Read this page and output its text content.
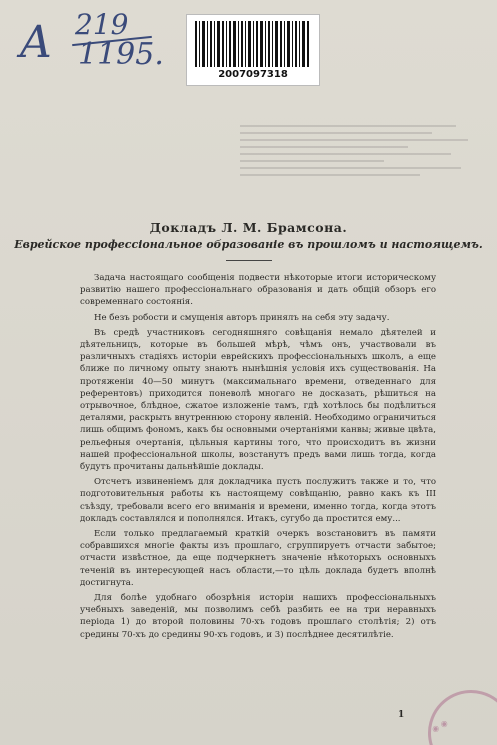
A 219
1195.
2007097318
Докладъ Л. М. Брамсона.
Еврейское профессіональное образованіе въ прошломъ и настоящемъ.

Задача настоящаго сообщенія подвести нѣкоторые итоги историческому развитію нашего профессіональнаго образованія и дать общій обзоръ его современнаго состоянія.

Не безъ робости и смущенія авторъ принялъ на себя эту задачу.

Въ средѣ участниковъ сегодняшняго совѣщанія немало дѣятелей и дѣятельницъ, которые въ большей мѣрѣ, чѣмъ онъ, участвовали въ различныхъ стадіяхъ исторіи еврейскихъ профессіональныхъ школъ, а еще ближе по личному опыту знаютъ нынѣшнія условія ихъ существованія. На протяженіи 40—50 минутъ (максимальнаго времени, отведеннаго для референтовъ) приходится поневолѣ многаго не досказать, рѣшиться на отрывочное, блѣдное, сжатое изложеніе тамъ, гдѣ хотѣлось бы подѣлиться деталями, раскрыть внутреннюю сторону явленій. Необходимо ограничиться лишь общимъ фономъ, какъ бы основными очертаніями канвы; живые цвѣта, рельефныя очертанія, цѣльныя картины того, что происходитъ въ жизни нашей профессіональной школы, возстанутъ предъ вами лишь тогда, когда будутъ прочитаны дальнѣйшіе доклады.

Отсчетъ извиненіемъ для докладчика пусть послужитъ также и то, что подготовительныя работы къ настоящему совѣщанію, равно какъ къ III съѣзду, требовали всего его вниманія и времени, именно тогда, когда этотъ докладъ составлялся и пополнялся. Итакъ, сугубо да простится ему...

Если только предлагаемый краткій очеркъ возстановитъ въ памяти собравшихся многіе факты изъ прошлаго, сгруппируетъ отчасти забытое; отчасти извѣстное, да еще подчеркнетъ значеніе нѣкоторыхъ основныхъ теченій въ интересующей насъ области,—то цѣль доклада будетъ вполнѣ достигнута.

Для болѣе удобнаго обозрѣнія исторіи нашихъ профессіональныхъ учебныхъ заведеній, мы позволимъ себѣ разбить ее на три неравныхъ періода 1) до второй половины 70-хъ годовъ прошлаго столѣтія; 2) отъ средины 70-хъ до средины 90-хъ годовъ, и 3) послѣднее десятилѣтіе.

1
◉ ◉
